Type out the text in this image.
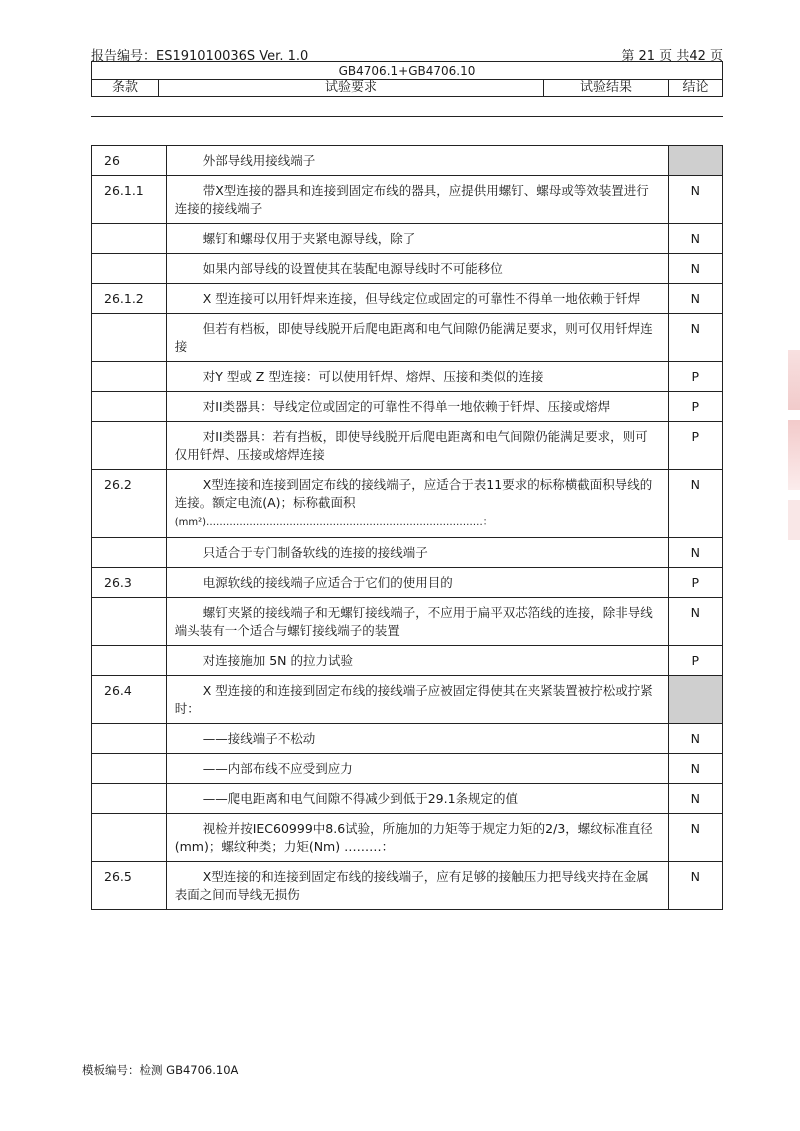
报告编号：ES191010036S Ver. 1.0	第 21 页 共42 页
GB4706.1+GB4706.10
条款	试验要求	试验结果	结论
26	外部导线用接线端子	

26.1.1	带X型连接的器具和连接到固定布线的器具，应提供用螺钉、螺母或等效装置进行连接的接线端子	N

	螺钉和螺母仅用于夹紧电源导线，除了	N

	如果内部导线的设置使其在装配电源导线时不可能移位	N
26.1.2	X 型连接可以用钎焊来连接，但导线定位或固定的可靠性不得单一地依赖于钎焊	N

	但若有档板，即使导线脱开后爬电距离和电气间隙仍能满足要求，则可仅用钎焊连接	N

	对Y 型或 Z 型连接：可以使用钎焊、熔焊、压接和类似的连接	P

	对II类器具：导线定位或固定的可靠性不得单一地依赖于钎焊、压接或熔焊	P

	对II类器具：若有挡板，即使导线脱开后爬电距离和电气间隙仍能满足要求，则可仅用钎焊、压接或熔焊连接	P
26.2	X型连接和连接到固定布线的接线端子，应适合于表11要求的标称横截面积导线的连接。额定电流(A)；标称截面积
(mm²)…………………………………………………………………‥……：	N

	只适合于专门制备软线的连接的接线端子	N
26.3	电源软线的接线端子应适合于它们的使用目的	P

	螺钉夹紧的接线端子和无螺钉接线端子，不应用于扁平双芯箔线的连接，除非导线端头装有一个适合与螺钉接线端子的装置	N

	对连接施加 5N 的拉力试验	P
26.4	X 型连接的和连接到固定布线的接线端子应被固定得使其在夹紧装置被拧松或拧紧时：	

	——接线端子不松动	N

	——内部布线不应受到应力	N

	——爬电距离和电气间隙不得减少到低于29.1条规定的值	N

	视检并按IEC60999中8.6试验，所施加的力矩等于规定力矩的2/3，螺纹标准直径(mm)；螺纹种类；力矩(Nm) ………：	N
26.5	X型连接的和连接到固定布线的接线端子，应有足够的接触压力把导线夹持在金属表面之间而导线无损伤	N
模板编号：检测 GB4706.10A
